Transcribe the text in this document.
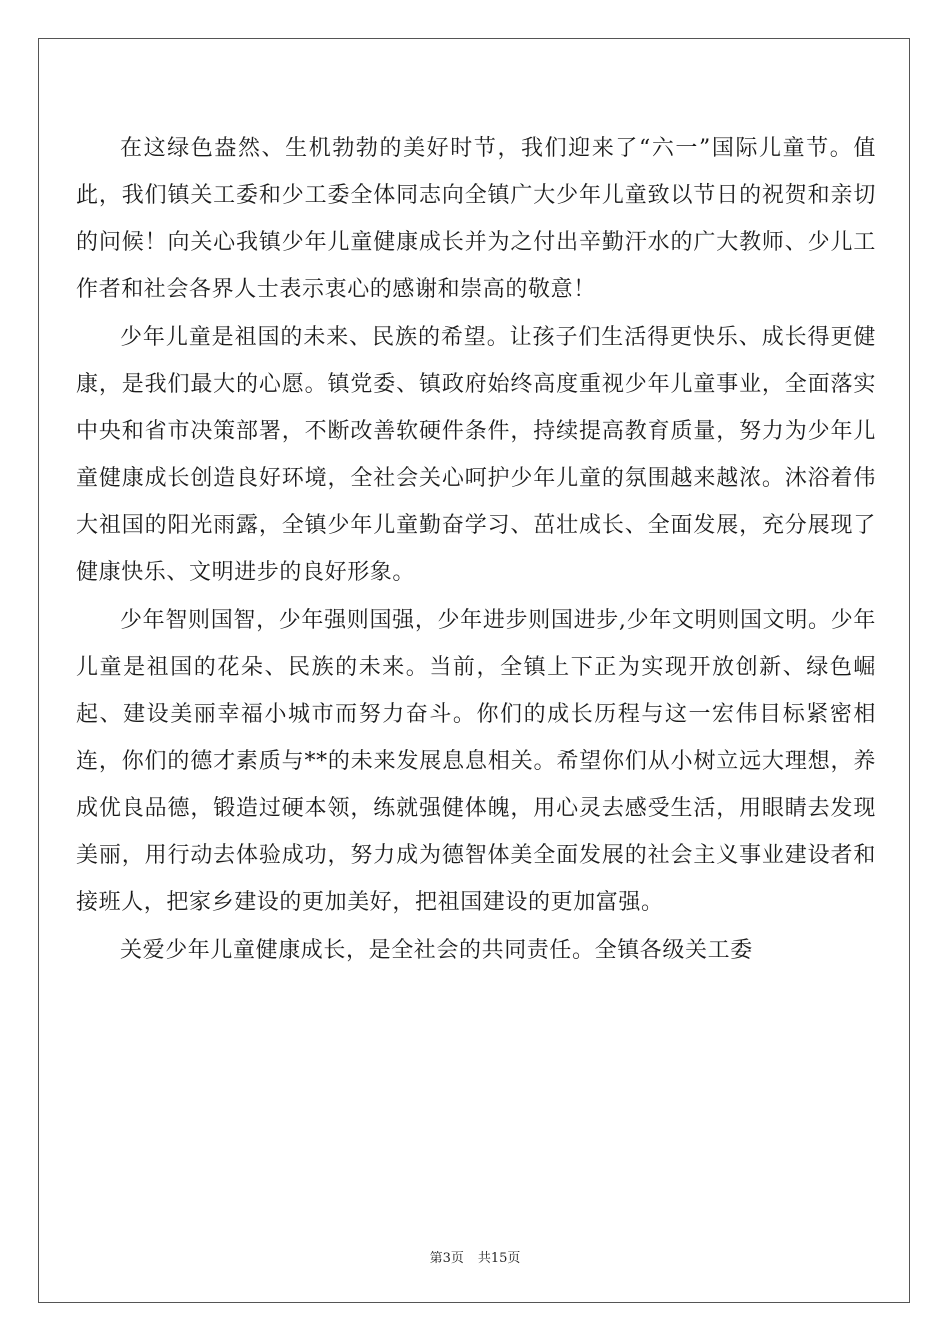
在这绿色盎然、生机勃勃的美好时节，我们迎来了“六一”国际儿童节。值此，我们镇关工委和少工委全体同志向全镇广大少年儿童致以节日的祝贺和亲切的问候！向关心我镇少年儿童健康成长并为之付出辛勤汗水的广大教师、少儿工作者和社会各界人士表示衷心的感谢和崇高的敬意！

少年儿童是祖国的未来、民族的希望。让孩子们生活得更快乐、成长得更健康，是我们最大的心愿。镇党委、镇政府始终高度重视少年儿童事业，全面落实中央和省市决策部署，不断改善软硬件条件，持续提高教育质量，努力为少年儿童健康成长创造良好环境，全社会关心呵护少年儿童的氛围越来越浓。沐浴着伟大祖国的阳光雨露，全镇少年儿童勤奋学习、茁壮成长、全面发展，充分展现了健康快乐、文明进步的良好形象。

少年智则国智，少年强则国强，少年进步则国进步,少年文明则国文明。少年儿童是祖国的花朵、民族的未来。当前，全镇上下正为实现开放创新、绿色崛起、建设美丽幸福小城市而努力奋斗。你们的成长历程与这一宏伟目标紧密相连，你们的德才素质与**的未来发展息息相关。希望你们从小树立远大理想，养成优良品德，锻造过硬本领，练就强健体魄，用心灵去感受生活，用眼睛去发现美丽，用行动去体验成功，努力成为德智体美全面发展的社会主义事业建设者和接班人，把家乡建设的更加美好，把祖国建设的更加富强。

关爱少年儿童健康成长，是全社会的共同责任。全镇各级关工委

第3页 共15页
